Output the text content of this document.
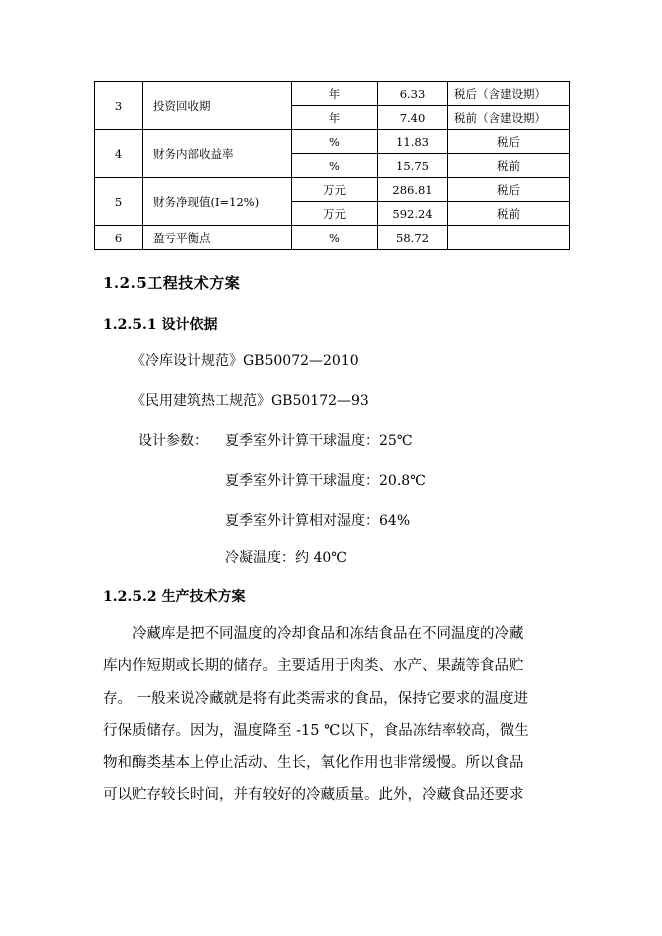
3	投资回收期	年	6.33	税后（含建设期）
		年	7.40	税前（含建设期）
4	财务内部收益率	%	11.83	税后
		%	15.75	税前
5	财务净现值(I=12%)	万元	286.81	税后
		万元	592.24	税前
6	盈亏平衡点	%	58.72	
1.2.5工程技术方案
1.2.5.1 设计依据
《冷库设计规范》GB50072—2010
《民用建筑热工规范》GB50172—93
设计参数： 夏季室外计算干球温度：25℃
夏季室外计算干球温度：20.8℃
夏季室外计算相对湿度：64%
冷凝温度：约 40℃
1.2.5.2 生产技术方案
冷藏库是把不同温度的冷却食品和冻结食品在不同温度的冷藏
库内作短期或长期的储存。主要适用于肉类、水产、果蔬等食品贮
存。 一般来说冷藏就是将有此类需求的食品，保持它要求的温度进
行保质储存。因为，温度降至 -15 ℃以下，食品冻结率较高，微生
物和酶类基本上停止活动、生长，氧化作用也非常缓慢。所以食品
可以贮存较长时间，并有较好的冷藏质量。此外，冷藏食品还要求
